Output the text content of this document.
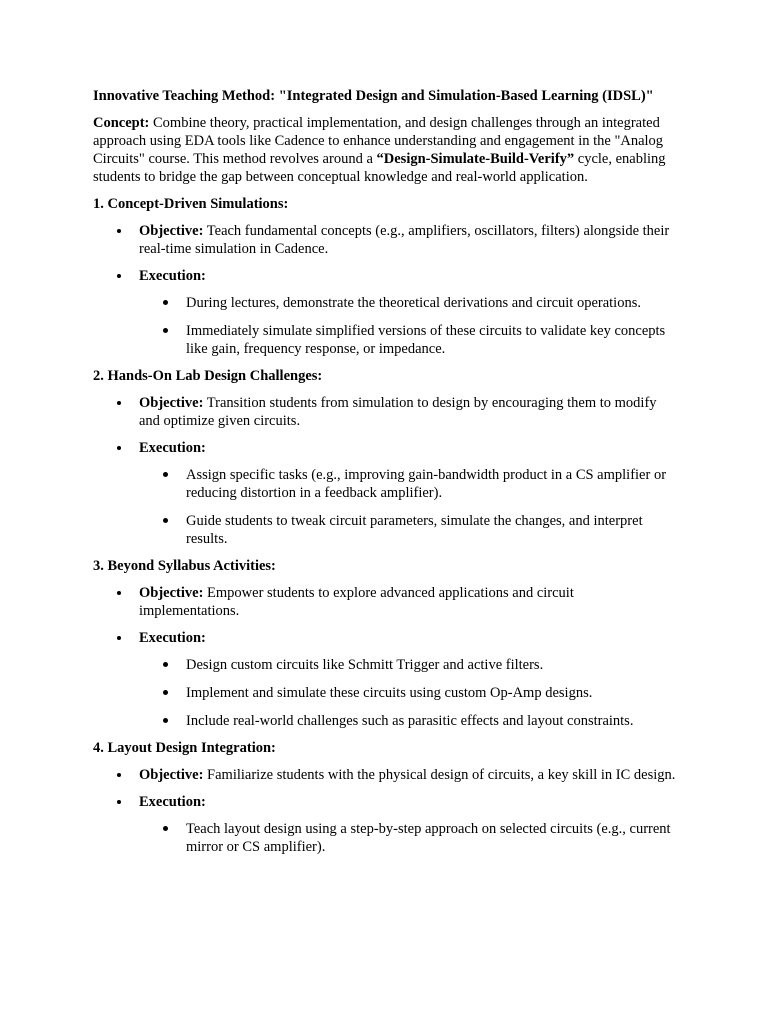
Innovative Teaching Method: "Integrated Design and Simulation-Based Learning (IDSL)"

Concept: Combine theory, practical implementation, and design challenges through an integrated approach using EDA tools like Cadence to enhance understanding and engagement in the "Analog Circuits" course. This method revolves around a “Design-Simulate-Build-Verify” cycle, enabling students to bridge the gap between conceptual knowledge and real-world application.

1. Concept-Driven Simulations:

Objective: Teach fundamental concepts (e.g., amplifiers, oscillators, filters) alongside their real-time simulation in Cadence.
Execution:
During lectures, demonstrate the theoretical derivations and circuit operations.
Immediately simulate simplified versions of these circuits to validate key concepts like gain, frequency response, or impedance.

2. Hands-On Lab Design Challenges:

Objective: Transition students from simulation to design by encouraging them to modify and optimize given circuits.
Execution:
Assign specific tasks (e.g., improving gain-bandwidth product in a CS amplifier or reducing distortion in a feedback amplifier).
Guide students to tweak circuit parameters, simulate the changes, and interpret results.

3. Beyond Syllabus Activities:

Objective: Empower students to explore advanced applications and circuit implementations.
Execution:
Design custom circuits like Schmitt Trigger and active filters.
Implement and simulate these circuits using custom Op-Amp designs.
Include real-world challenges such as parasitic effects and layout constraints.

4. Layout Design Integration:

Objective: Familiarize students with the physical design of circuits, a key skill in IC design.
Execution:
Teach layout design using a step-by-step approach on selected circuits (e.g., current mirror or CS amplifier).
